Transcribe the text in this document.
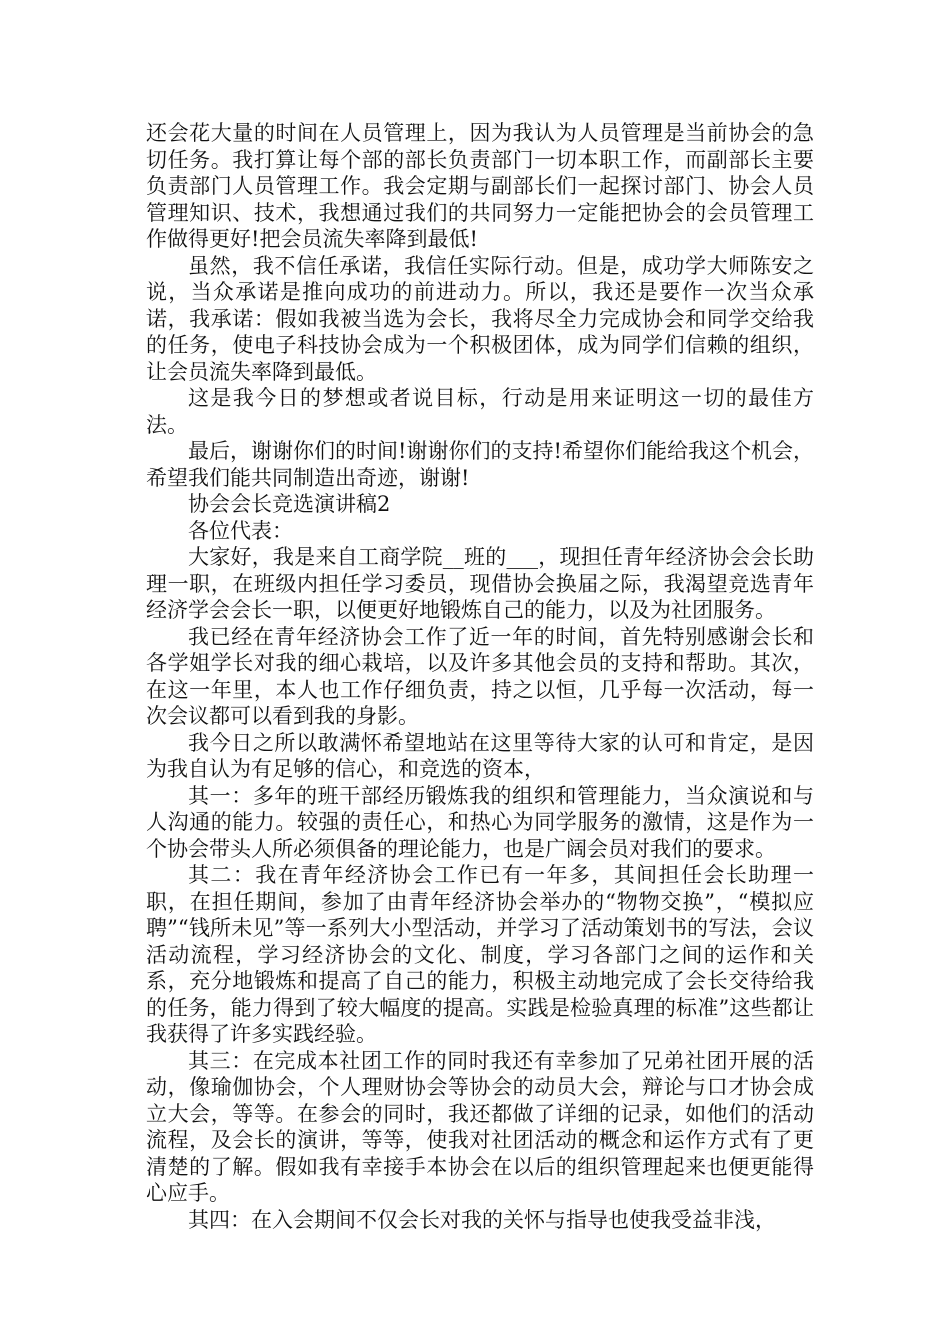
还会花大量的时间在人员管理上，因为我认为人员管理是当前协会的急切任务。我打算让每个部的部长负责部门一切本职工作，而副部长主要负责部门人员管理工作。我会定期与副部长们一起探讨部门、协会人员管理知识、技术，我想通过我们的共同努力一定能把协会的会员管理工作做得更好!把会员流失率降到最低!

虽然，我不信任承诺，我信任实际行动。但是，成功学大师陈安之说，当众承诺是推向成功的前进动力。所以，我还是要作一次当众承诺，我承诺：假如我被当选为会长，我将尽全力完成协会和同学交给我的任务，使电子科技协会成为一个积极团体，成为同学们信赖的组织，让会员流失率降到最低。

这是我今日的梦想或者说目标，行动是用来证明这一切的最佳方法。

最后，谢谢你们的时间!谢谢你们的支持!希望你们能给我这个机会，希望我们能共同制造出奇迹，谢谢!

协会会长竞选演讲稿2

各位代表：

大家好，我是来自工商学院__班的___，现担任青年经济协会会长助理一职，在班级内担任学习委员，现借协会换届之际，我渴望竞选青年经济学会会长一职，以便更好地锻炼自己的能力，以及为社团服务。

我已经在青年经济协会工作了近一年的时间，首先特别感谢会长和各学姐学长对我的细心栽培，以及许多其他会员的支持和帮助。其次，在这一年里，本人也工作仔细负责，持之以恒，几乎每一次活动，每一次会议都可以看到我的身影。

我今日之所以敢满怀希望地站在这里等待大家的认可和肯定，是因为我自认为有足够的信心，和竞选的资本，

其一：多年的班干部经历锻炼我的组织和管理能力，当众演说和与人沟通的能力。较强的责任心，和热心为同学服务的激情，这是作为一个协会带头人所必须俱备的理论能力，也是广阔会员对我们的要求。

其二：我在青年经济协会工作已有一年多，其间担任会长助理一职，在担任期间，参加了由青年经济协会举办的“物物交换”，“模拟应聘”“钱所未见”等一系列大小型活动，并学习了活动策划书的写法，会议活动流程，学习经济协会的文化、制度，学习各部门之间的运作和关系，充分地锻炼和提高了自己的能力，积极主动地完成了会长交待给我的任务，能力得到了较大幅度的提高。实践是检验真理的标准”这些都让我获得了许多实践经验。

其三：在完成本社团工作的同时我还有幸参加了兄弟社团开展的活动，像瑜伽协会，个人理财协会等协会的动员大会，辩论与口才协会成立大会，等等。在参会的同时，我还都做了详细的记录，如他们的活动流程，及会长的演讲，等等，使我对社团活动的概念和运作方式有了更清楚的了解。假如我有幸接手本协会在以后的组织管理起来也便更能得心应手。

其四：在入会期间不仅会长对我的关怀与指导也使我受益非浅，
